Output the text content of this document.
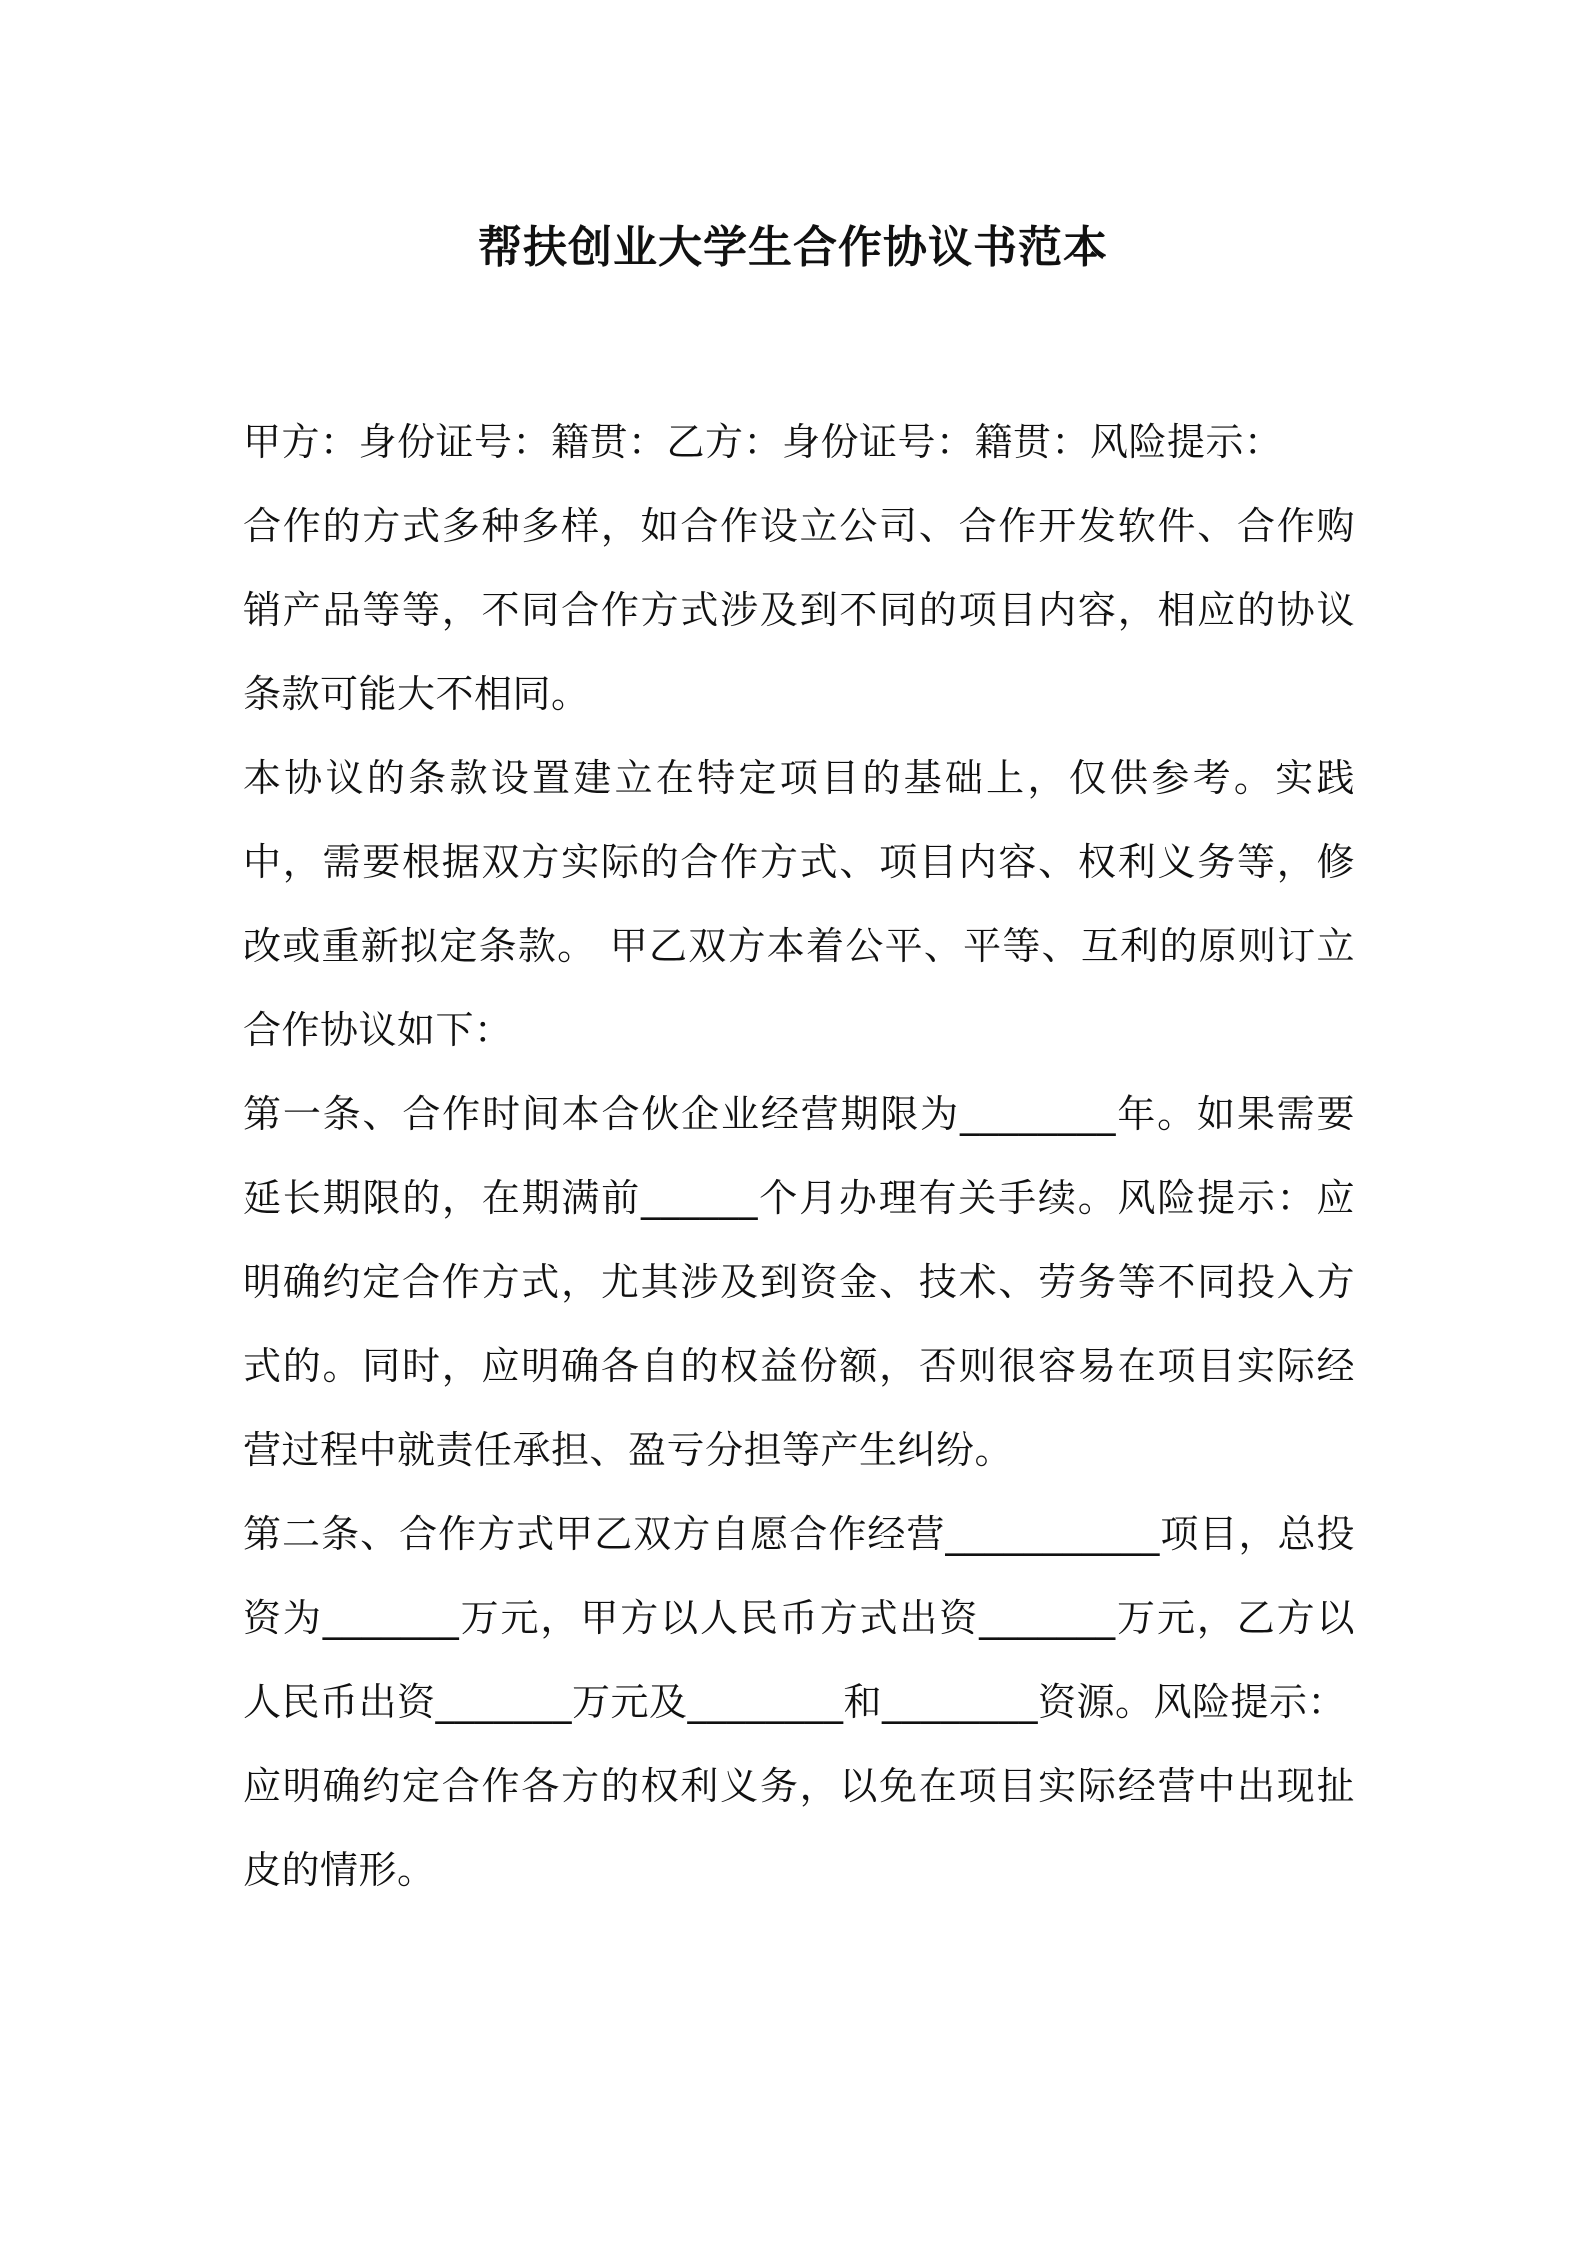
帮扶创业大学生合作协议书范本

甲方：身份证号：籍贯：乙方：身份证号：籍贯：风险提示：

合作的方式多种多样，如合作设立公司、合作开发软件、合作购销产品等等，不同合作方式涉及到不同的项目内容，相应的协议条款可能大不相同。

本协议的条款设置建立在特定项目的基础上，仅供参考。实践中，需要根据双方实际的合作方式、项目内容、权利义务等，修改或重新拟定条款。 甲乙双方本着公平、平等、互利的原则订立合作协议如下：

第一条、合作时间本合伙企业经营期限为________年。如果需要延长期限的，在期满前______个月办理有关手续。风险提示：应明确约定合作方式，尤其涉及到资金、技术、劳务等不同投入方式的。同时，应明确各自的权益份额，否则很容易在项目实际经营过程中就责任承担、盈亏分担等产生纠纷。

第二条、合作方式甲乙双方自愿合作经营___________项目，总投资为_______万元，甲方以人民币方式出资_______万元，乙方以人民币出资_______万元及________和________资源。风险提示：

应明确约定合作各方的权利义务，以免在项目实际经营中出现扯皮的情形。
